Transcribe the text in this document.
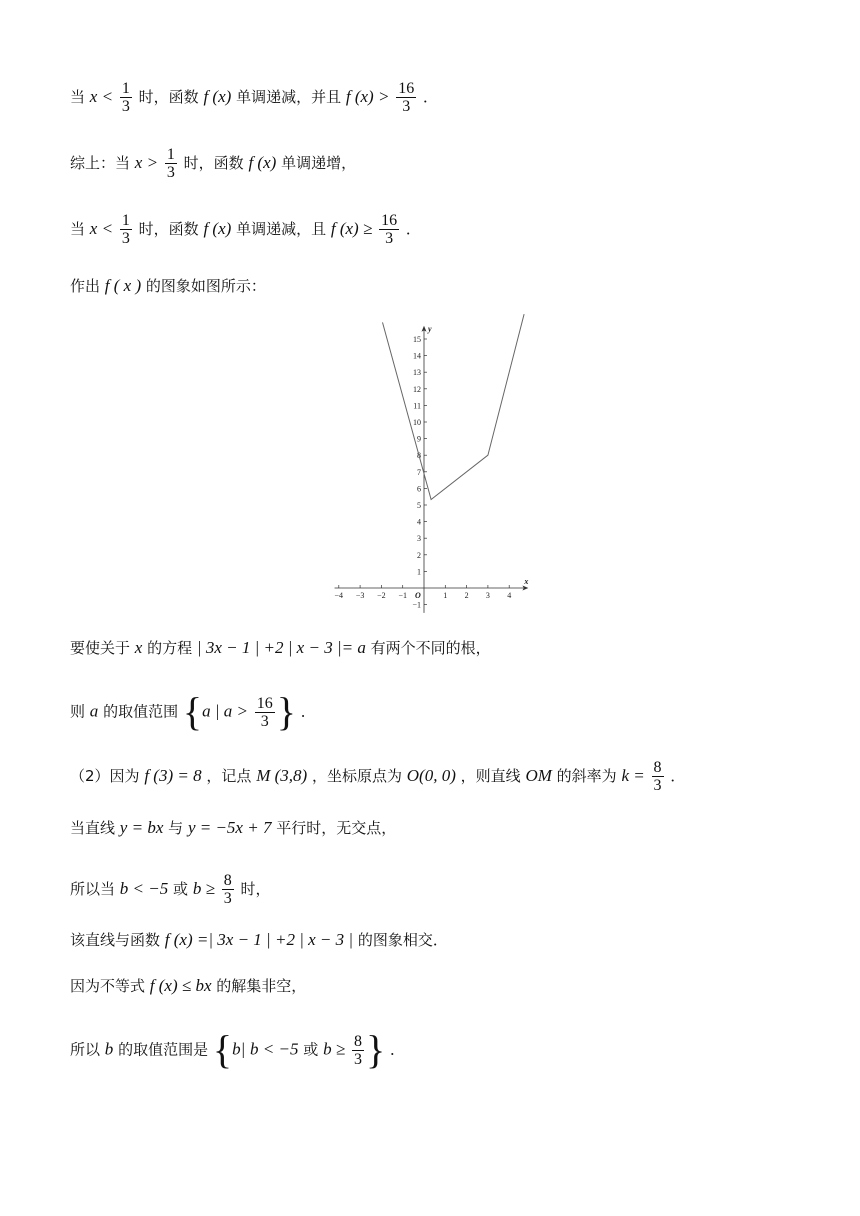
当 $x < \frac{1}{3}$ 时，函数 f (x) 单调递减，并且 f $(x) > \frac{16}{3}$ ．
综上：当 $x > \frac{1}{3}$ 时，函数 f (x) 单调递增，
当 $x < \frac{1}{3}$ 时，函数 f (x) 单调递减，且 f $(x) \ge \frac{16}{3}$ ．
作出 f ( x ) 的图象如图所示：
x
y
O
−4 −3 −2 −1	1 2 3 4
−1
1
2
3
4
5
6
7
8
9
10
11
12
13
14
15
要使关于 x 的方程 | 3x − 1 | +2 | x − 3 |= a 有两个不同的根，
则 a 的取值范围 {a | $a > \frac{16}{3}$ } ．
（2）因为 f (3) = 8 ，记点 M (3,8) ，坐标原点为 O(0, 0) ，则直线 OM 的斜率为 $k = \frac{8}{3}$ ．
当直线 y = bx 与 y = −5x + 7 平行时，无交点，
所以当 b < −5 或 $b \ge \frac{8}{3}$ 时，
该直线与函数 f (x) =| 3x − 1 | +2 | x − 3 | 的图象相交．
因为不等式 f (x) ≤ bx 的解集非空，
所以 b 的取值范围是 {b| b < −5 或 $b \ge \frac{8}{3}$ } ．
